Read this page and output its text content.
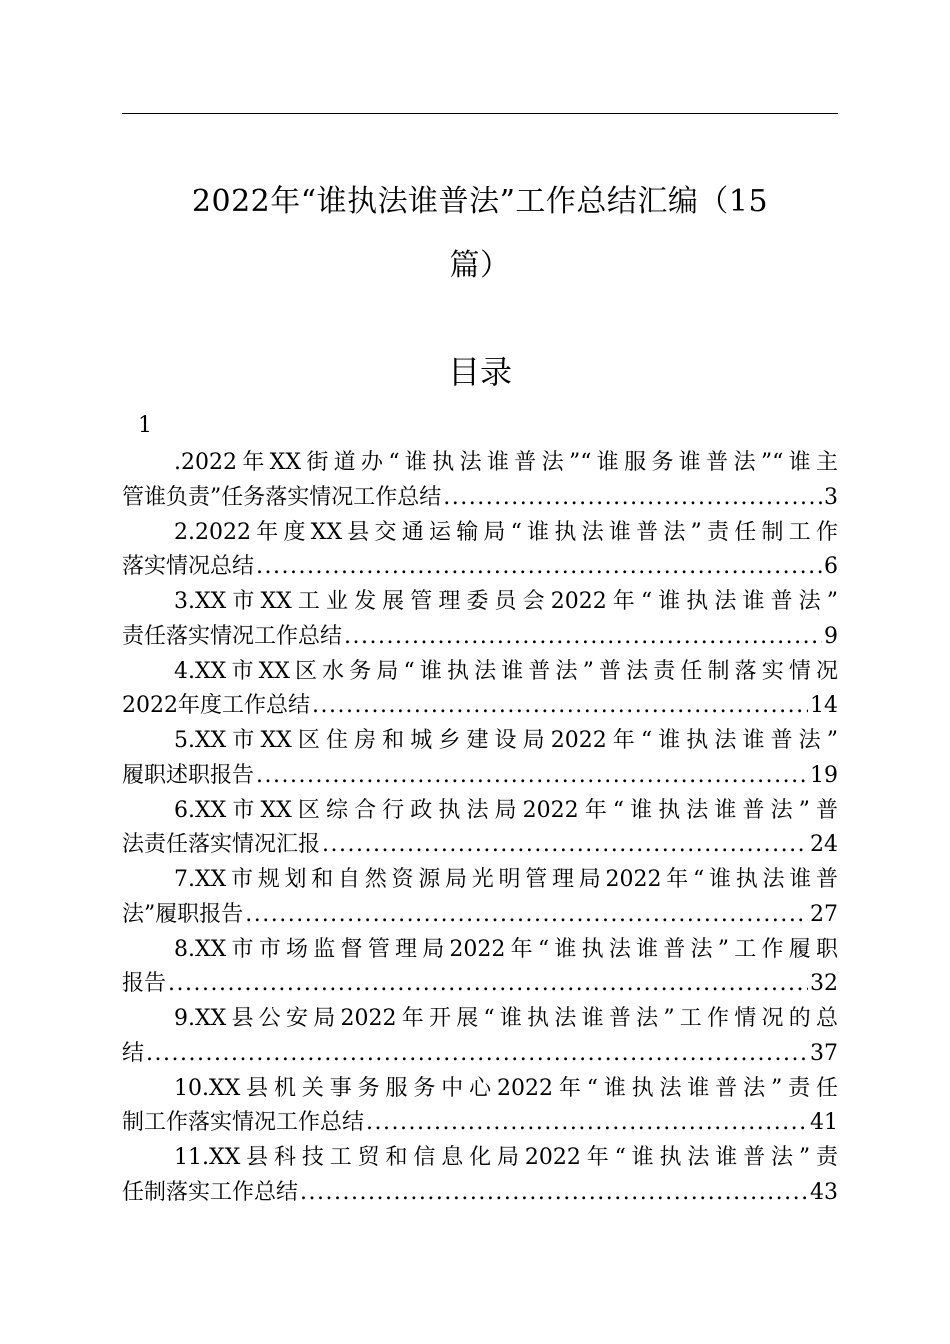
2022年“谁执法谁普法”工作总结汇编（15
篇）
目录
1
.2022年XX街道办“谁执法谁普法”“谁服务谁普法”“谁主
管谁负责”任务落实情况工作总结 .....	3
2.2022年度XX县交通运输局“谁执法谁普法”责任制工作
落实情况总结 .....	6
3.XX市XX工业发展管理委员会2022年“谁执法谁普法”
责任落实情况工作总结 .....	9
4.XX市XX区水务局“谁执法谁普法”普法责任制落实情况
2022年度工作总结 .....	14
5.XX市XX区住房和城乡建设局2022年“谁执法谁普法”
履职述职报告 .....	19
6.XX市XX区综合行政执法局2022年“谁执法谁普法”普
法责任落实情况汇报 .....	24
7.XX市规划和自然资源局光明管理局2022年“谁执法谁普
法”履职报告 .....	27
8.XX市市场监督管理局2022年“谁执法谁普法”工作履职
报告 .....	32
9.XX县公安局2022年开展“谁执法谁普法”工作情况的总
结 .....	37
10.XX县机关事务服务中心2022年“谁执法谁普法”责任
制工作落实情况工作总结 .....	41
11.XX县科技工贸和信息化局2022年“谁执法谁普法”责
任制落实工作总结 .....	43
